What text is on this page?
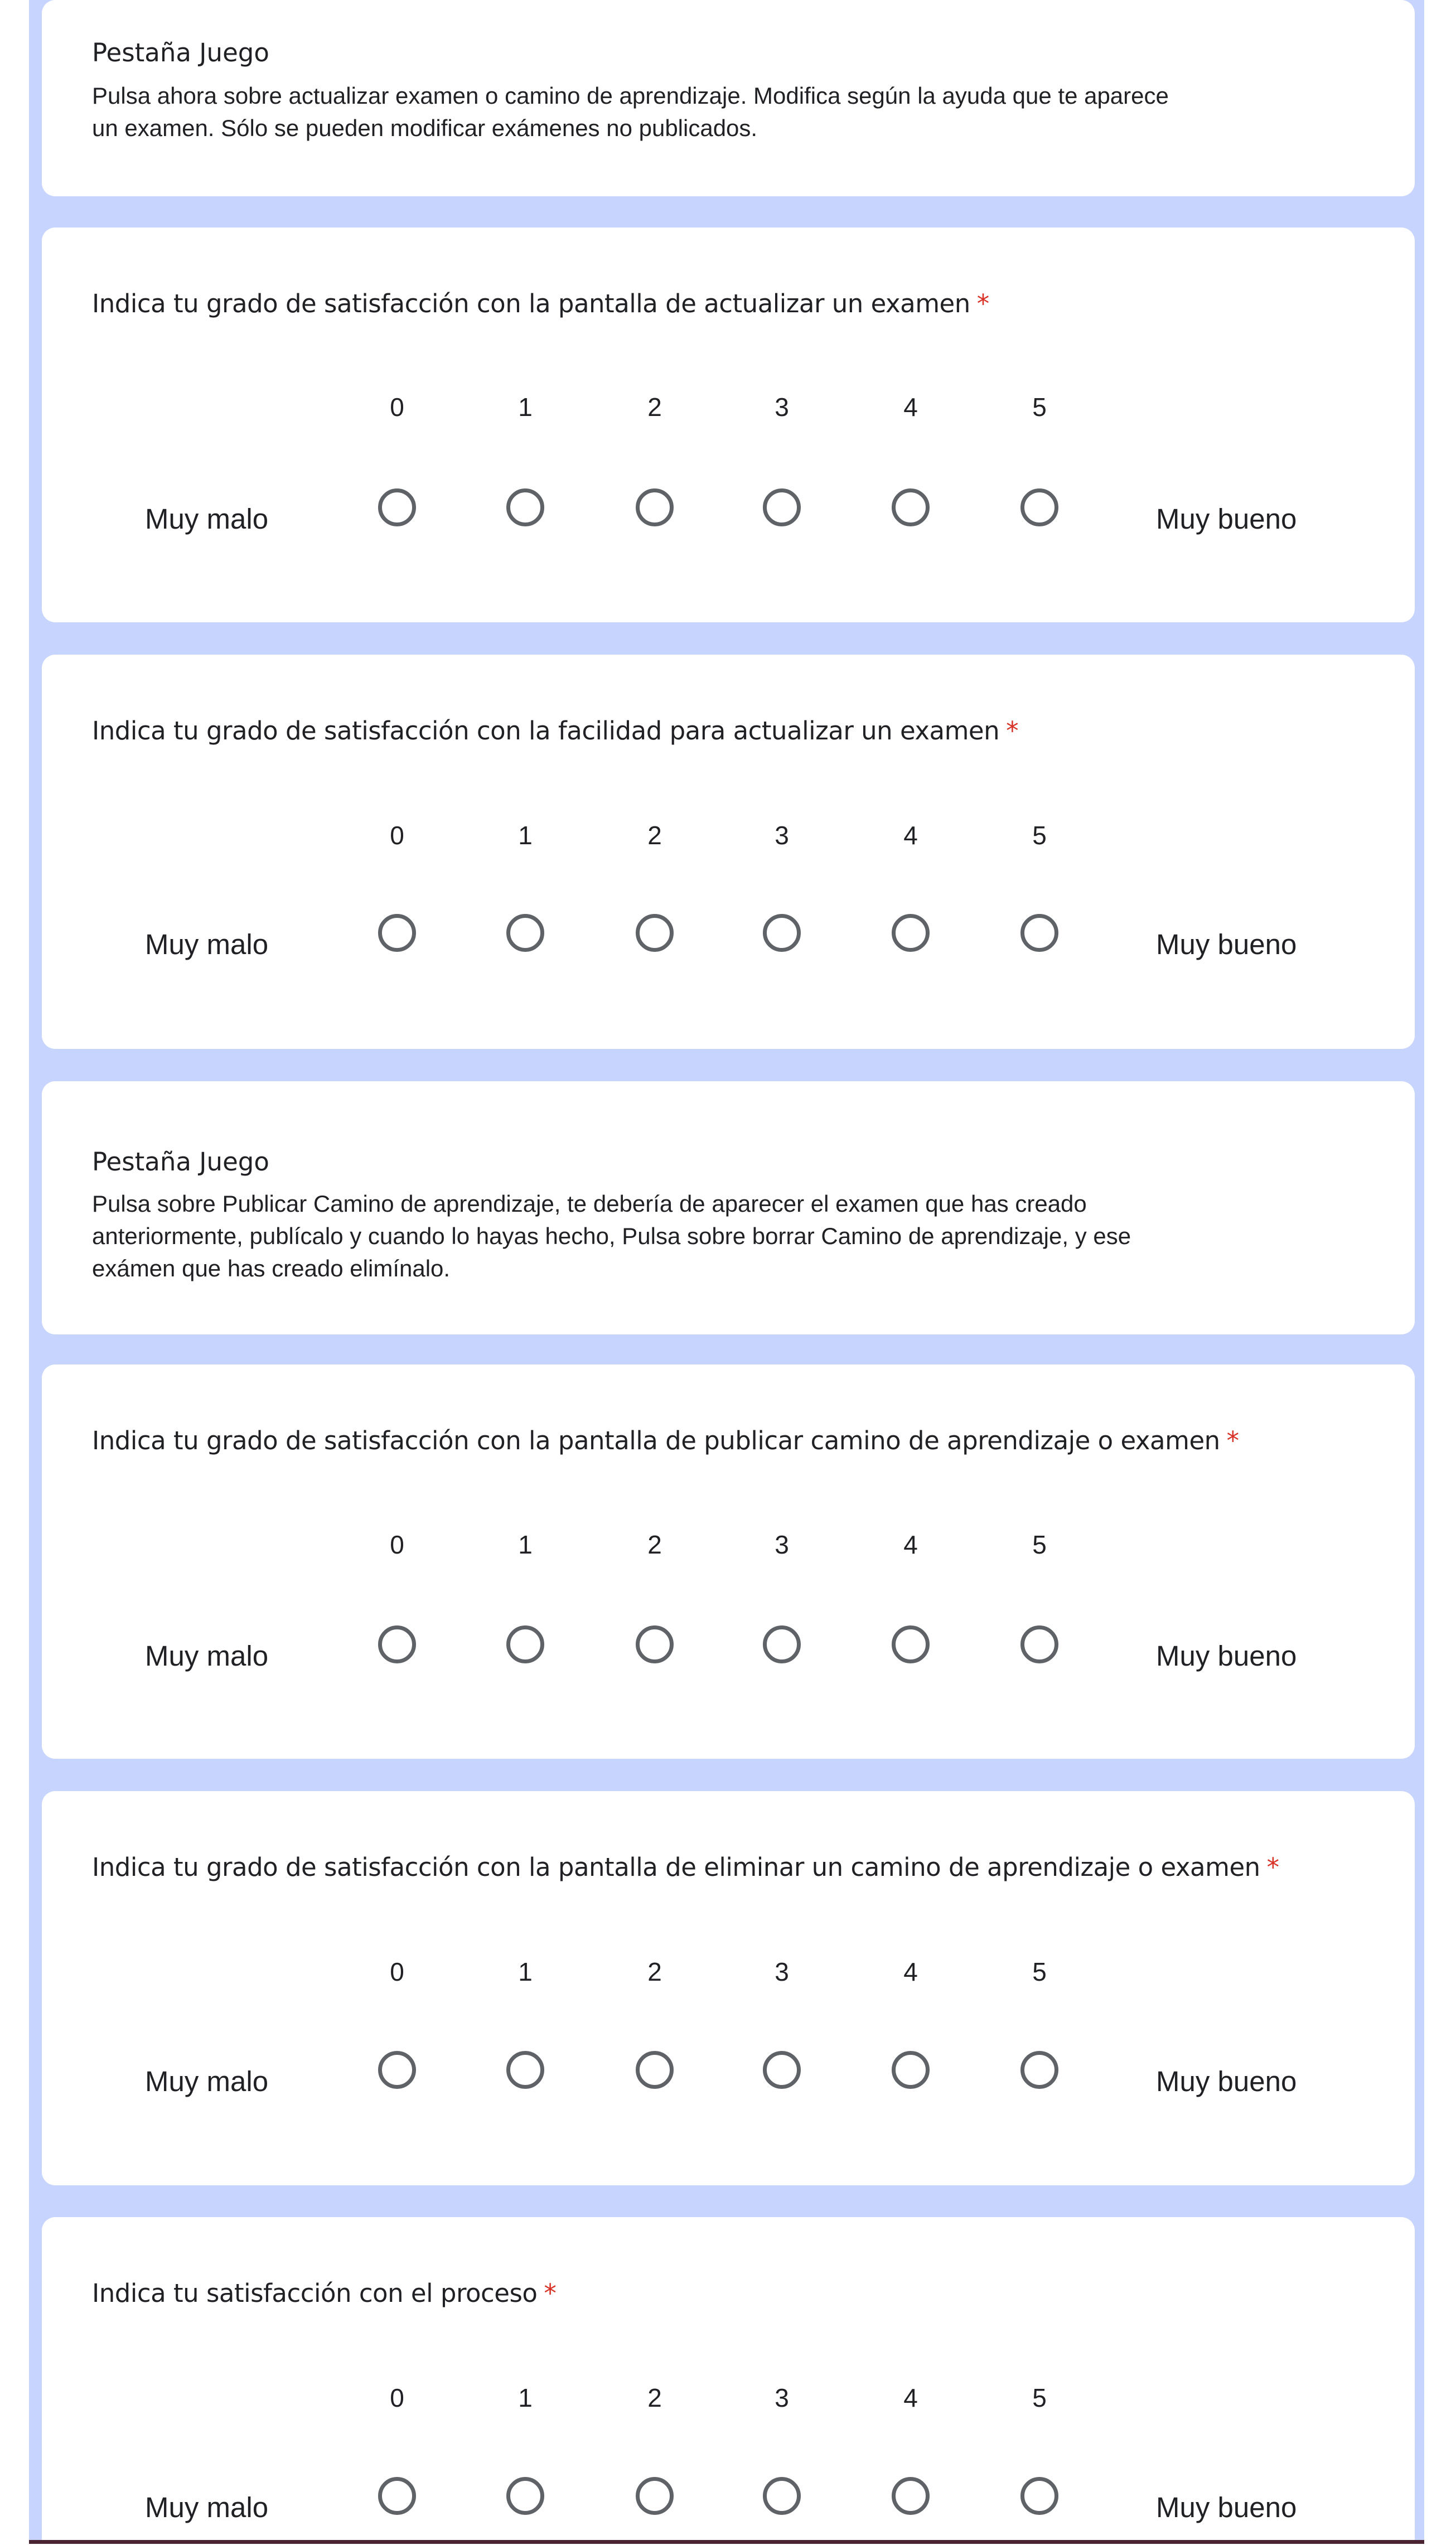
Pestaña Juego
Pulsa ahora sobre actualizar examen o camino de aprendizaje. Modifica según la ayuda que te aparece
un examen. Sólo se pueden modificar exámenes no publicados.
Indica tu grado de satisfacción con la pantalla de actualizar un examen *
0	1	2	3	4	5
Muy malo	Muy bueno
Indica tu grado de satisfacción con la facilidad para actualizar un examen *
0	1	2	3	4	5
Muy malo	Muy bueno
Pestaña Juego
Pulsa sobre Publicar Camino de aprendizaje, te debería de aparecer el examen que has creado
anteriormente, publícalo y cuando lo hayas hecho, Pulsa sobre borrar Camino de aprendizaje, y ese
exámen que has creado elimínalo.
Indica tu grado de satisfacción con la pantalla de publicar camino de aprendizaje o examen *
0	1	2	3	4	5
Muy malo	Muy bueno
Indica tu grado de satisfacción con la pantalla de eliminar un camino de aprendizaje o examen *
0	1	2	3	4	5
Muy malo	Muy bueno
Indica tu satisfacción con el proceso *
0	1	2	3	4	5
Muy malo	Muy bueno
